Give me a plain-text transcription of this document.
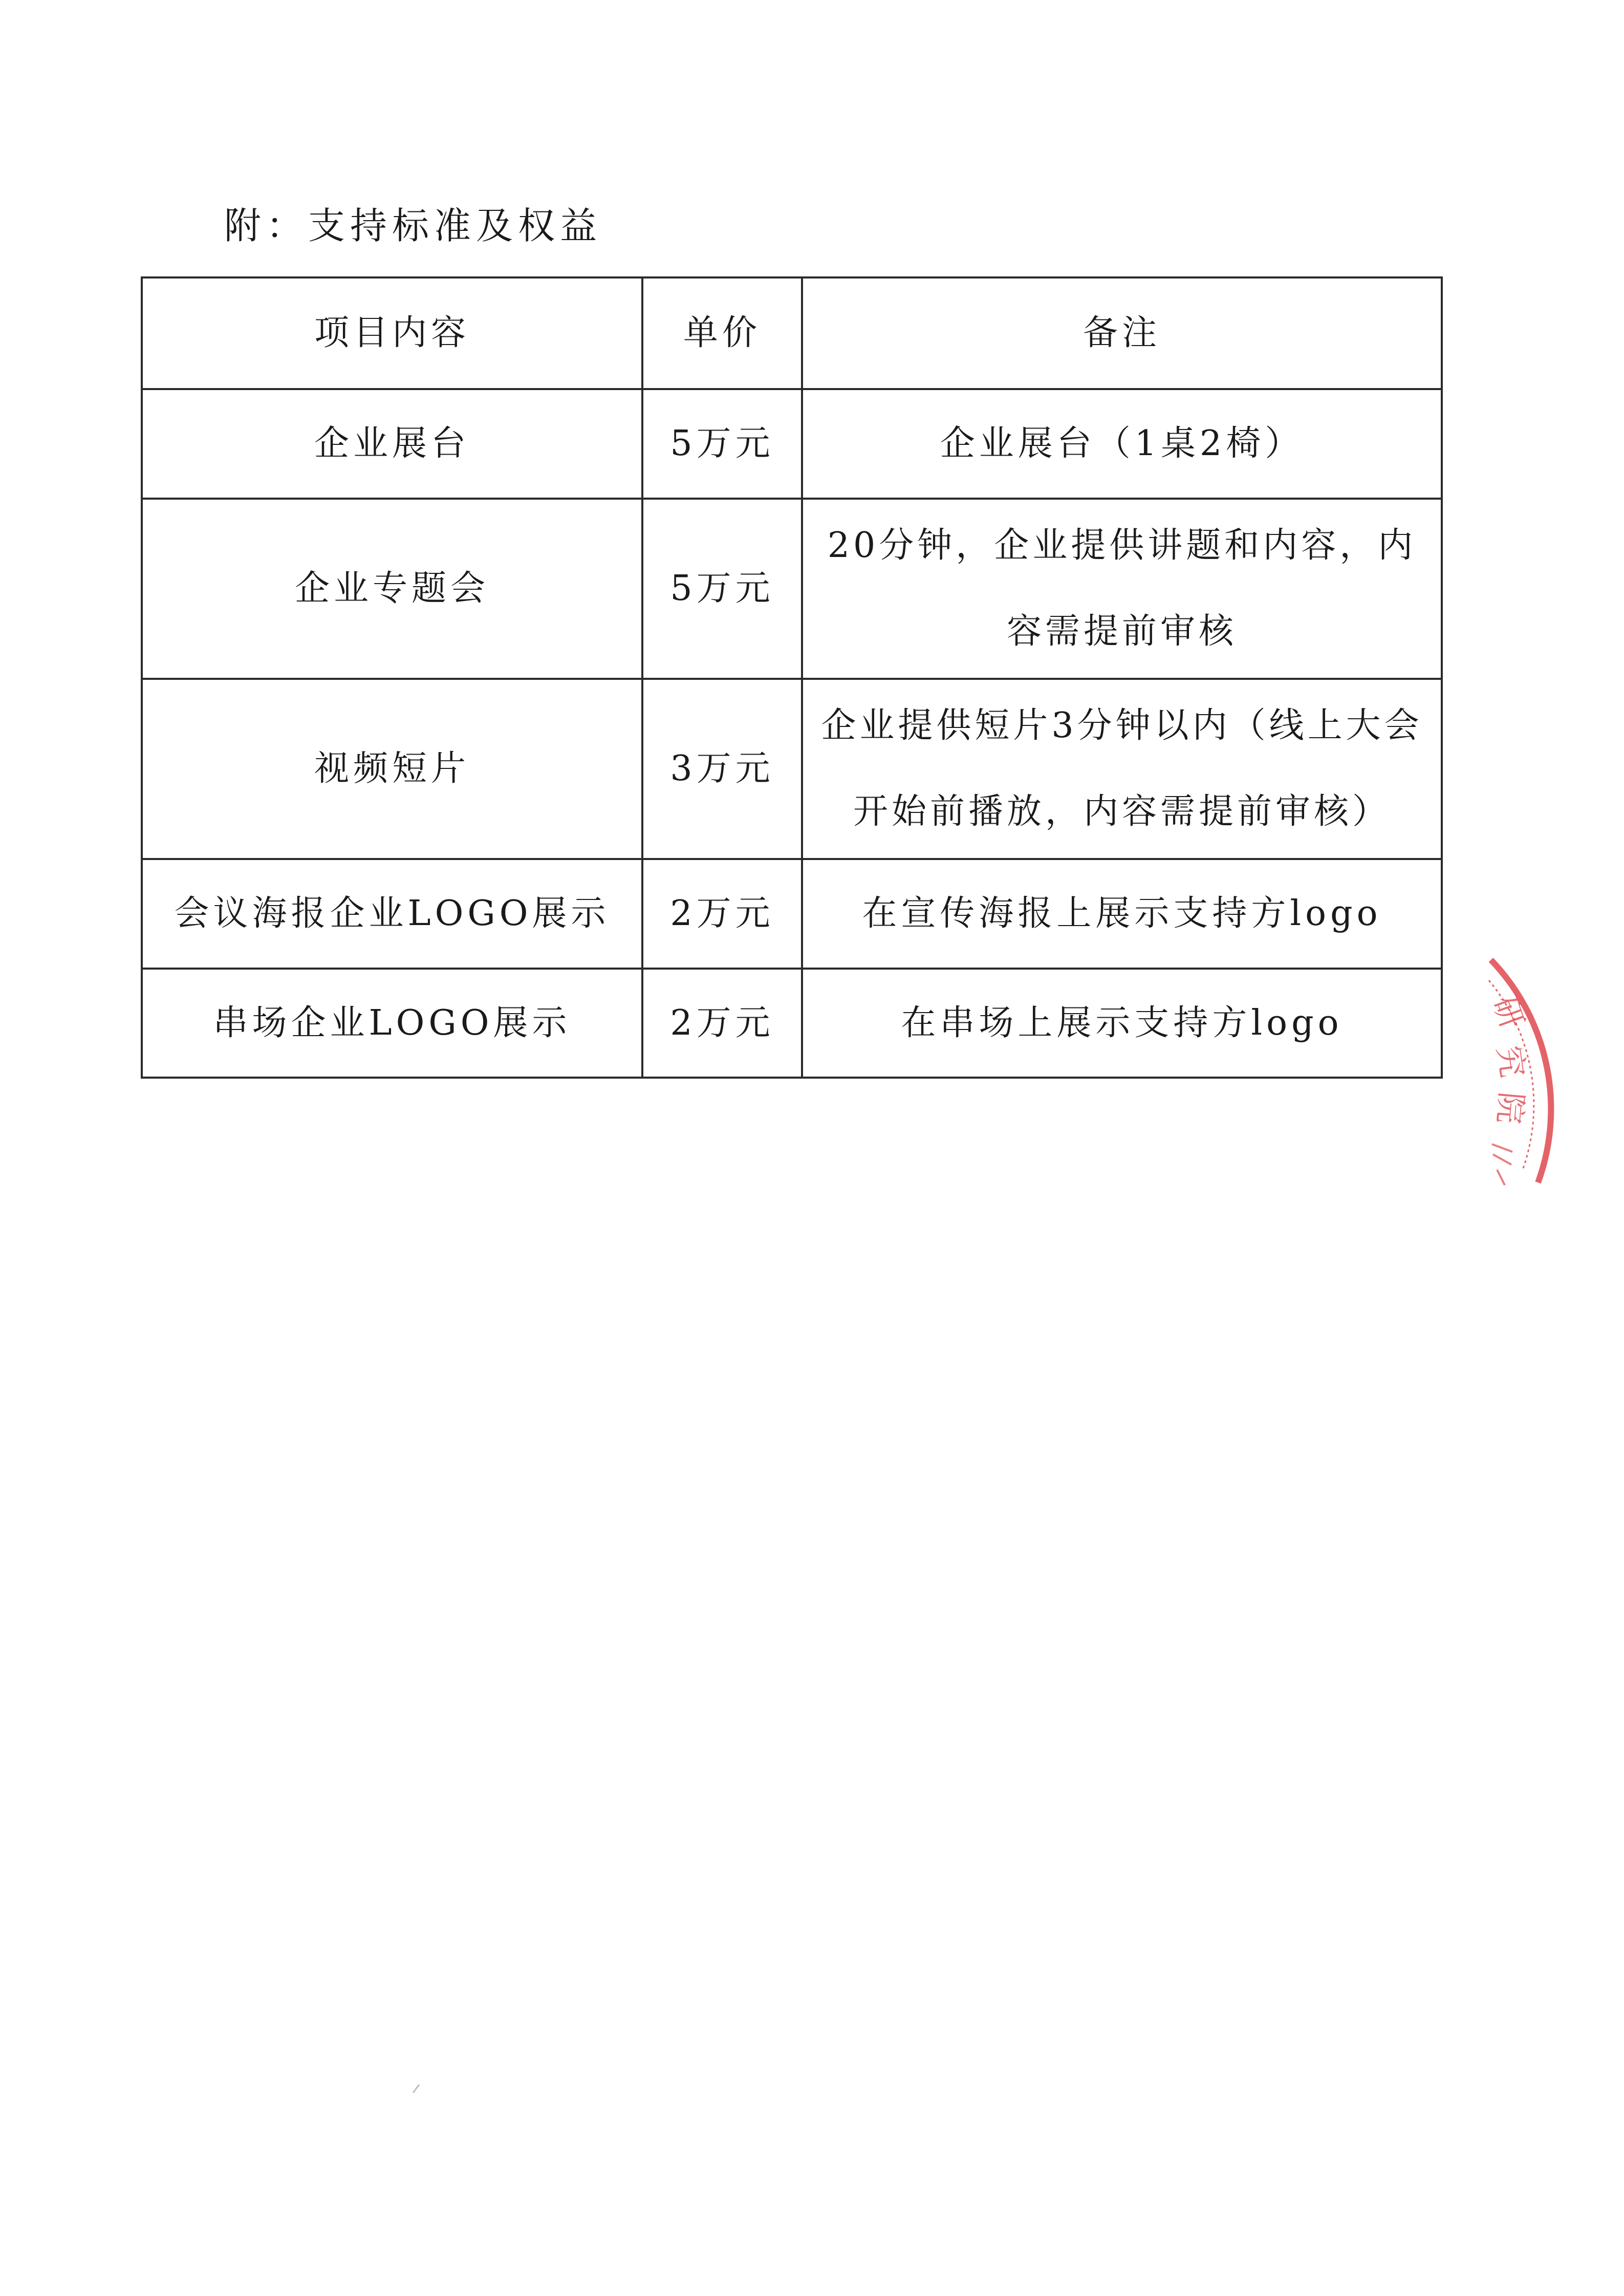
附：支持标准及权益
项目内容	单价	备注
企业展台	5万元	企业展台（1桌2椅）
企业专题会	5万元	20分钟，企业提供讲题和内容，内容需提前审核
视频短片	3万元	企业提供短片3分钟以内（线上大会开始前播放，内容需提前审核）
会议海报企业LOGO展示	2万元	在宣传海报上展示支持方logo
串场企业LOGO展示	2万元	在串场上展示支持方logo	研
究
院
